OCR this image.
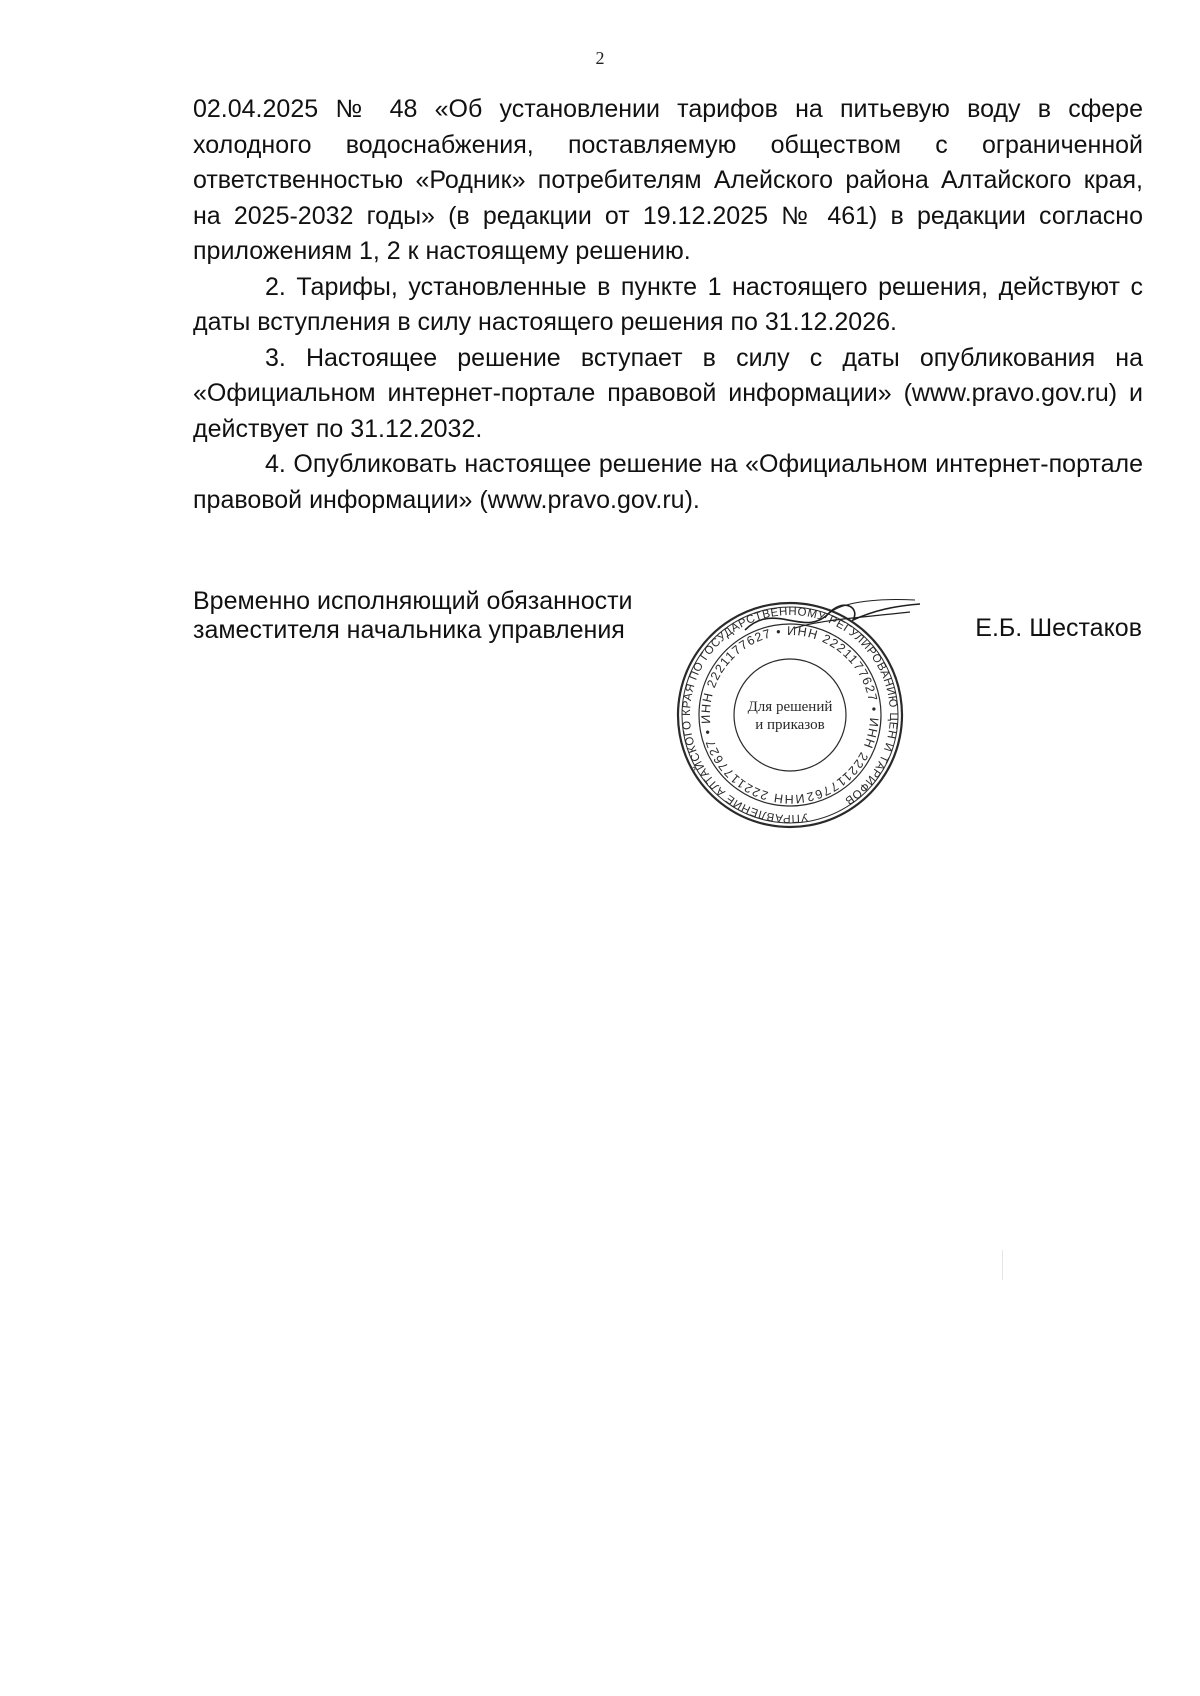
2

02.04.2025 № 48 «Об установлении тарифов на питьевую воду в сфере холодного водоснабжения, поставляемую обществом с ограниченной ответственностью «Родник» потребителям Алейского района Алтайского края, на 2025-2032 годы» (в редакции от 19.12.2025 № 461) в редакции согласно приложениям 1, 2 к настоящему решению.

2. Тарифы, установленные в пункте 1 настоящего решения, действуют с даты вступления в силу настоящего решения по 31.12.2026.

3. Настоящее решение вступает в силу с даты опубликования на «Официальном интернет-портале правовой информации» (www.pravo.gov.ru) и действует по 31.12.2032.

4. Опубликовать настоящее решение на «Официальном интернет-портале правовой информации» (www.pravo.gov.ru).

Временно исполняющий обязанности
заместителя начальника управления	Е.Б. Шестаков
УПРАВЛЕНИЕ АЛТАЙСКОГО КРАЯ ПО ГОСУДАРСТВЕННОМУ РЕГУЛИРОВАНИЮ ЦЕН И ТАРИФОВ
ИНН 2221177627 • ИНН 2221177627 • ИНН 2221177627 • ИНН 2221177627
Для решений
и приказов
